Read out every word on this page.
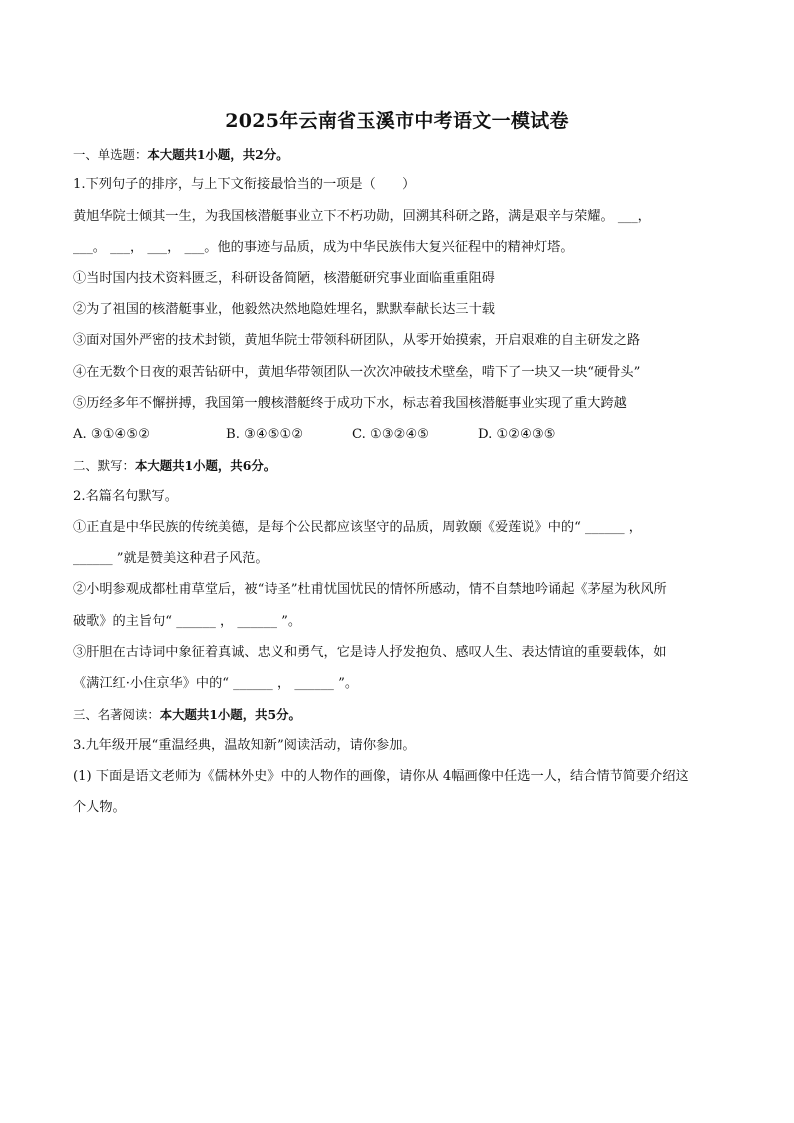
2025年云南省玉溪市中考语文一模试卷
一、单选题：本大题共1小题，共2分。
1.下列句子的排序，与上下文衔接最恰当的一项是（　　）
黄旭华院士倾其一生，为我国核潜艇事业立下不朽功勋，回溯其科研之路，满是艰辛与荣耀。 ___，
___。 ___， ___， ___。他的事迹与品质，成为中华民族伟大复兴征程中的精神灯塔。
①当时国内技术资料匮乏，科研设备简陋，核潜艇研究事业面临重重阻碍
②为了祖国的核潜艇事业，他毅然决然地隐姓埋名，默默奉献长达三十载
③面对国外严密的技术封锁，黄旭华院士带领科研团队，从零开始摸索，开启艰难的自主研发之路
④在无数个日夜的艰苦钻研中，黄旭华带领团队一次次冲破技术壁垒，啃下了一块又一块“硬骨头”
⑤历经多年不懈拼搏，我国第一艘核潜艇终于成功下水，标志着我国核潜艇事业实现了重大跨越
A. ③①④⑤②	B. ③④⑤①②	C. ①③②④⑤	D. ①②④③⑤
二、默写：本大题共1小题，共6分。
2.名篇名句默写。
①正直是中华民族的传统美德，是每个公民都应该坚守的品质，周敦颐《爱莲说》中的“ ______ ，
______ ”就是赞美这种君子风范。
②小明参观成都杜甫草堂后，被“诗圣”杜甫忧国忧民的情怀所感动，情不自禁地吟诵起《茅屋为秋风所
破歌》的主旨句“ ______ ， ______ ”。
③肝胆在古诗词中象征着真诚、忠义和勇气，它是诗人抒发抱负、感叹人生、表达情谊的重要载体，如
《满江红·小住京华》中的“ ______ ， ______ ”。
三、名著阅读：本大题共1小题，共5分。
3.九年级开展“重温经典，温故知新”阅读活动，请你参加。
(1) 下面是语文老师为《儒林外史》中的人物作的画像，请你从 4幅画像中任选一人，结合情节简要介绍这
个人物。
